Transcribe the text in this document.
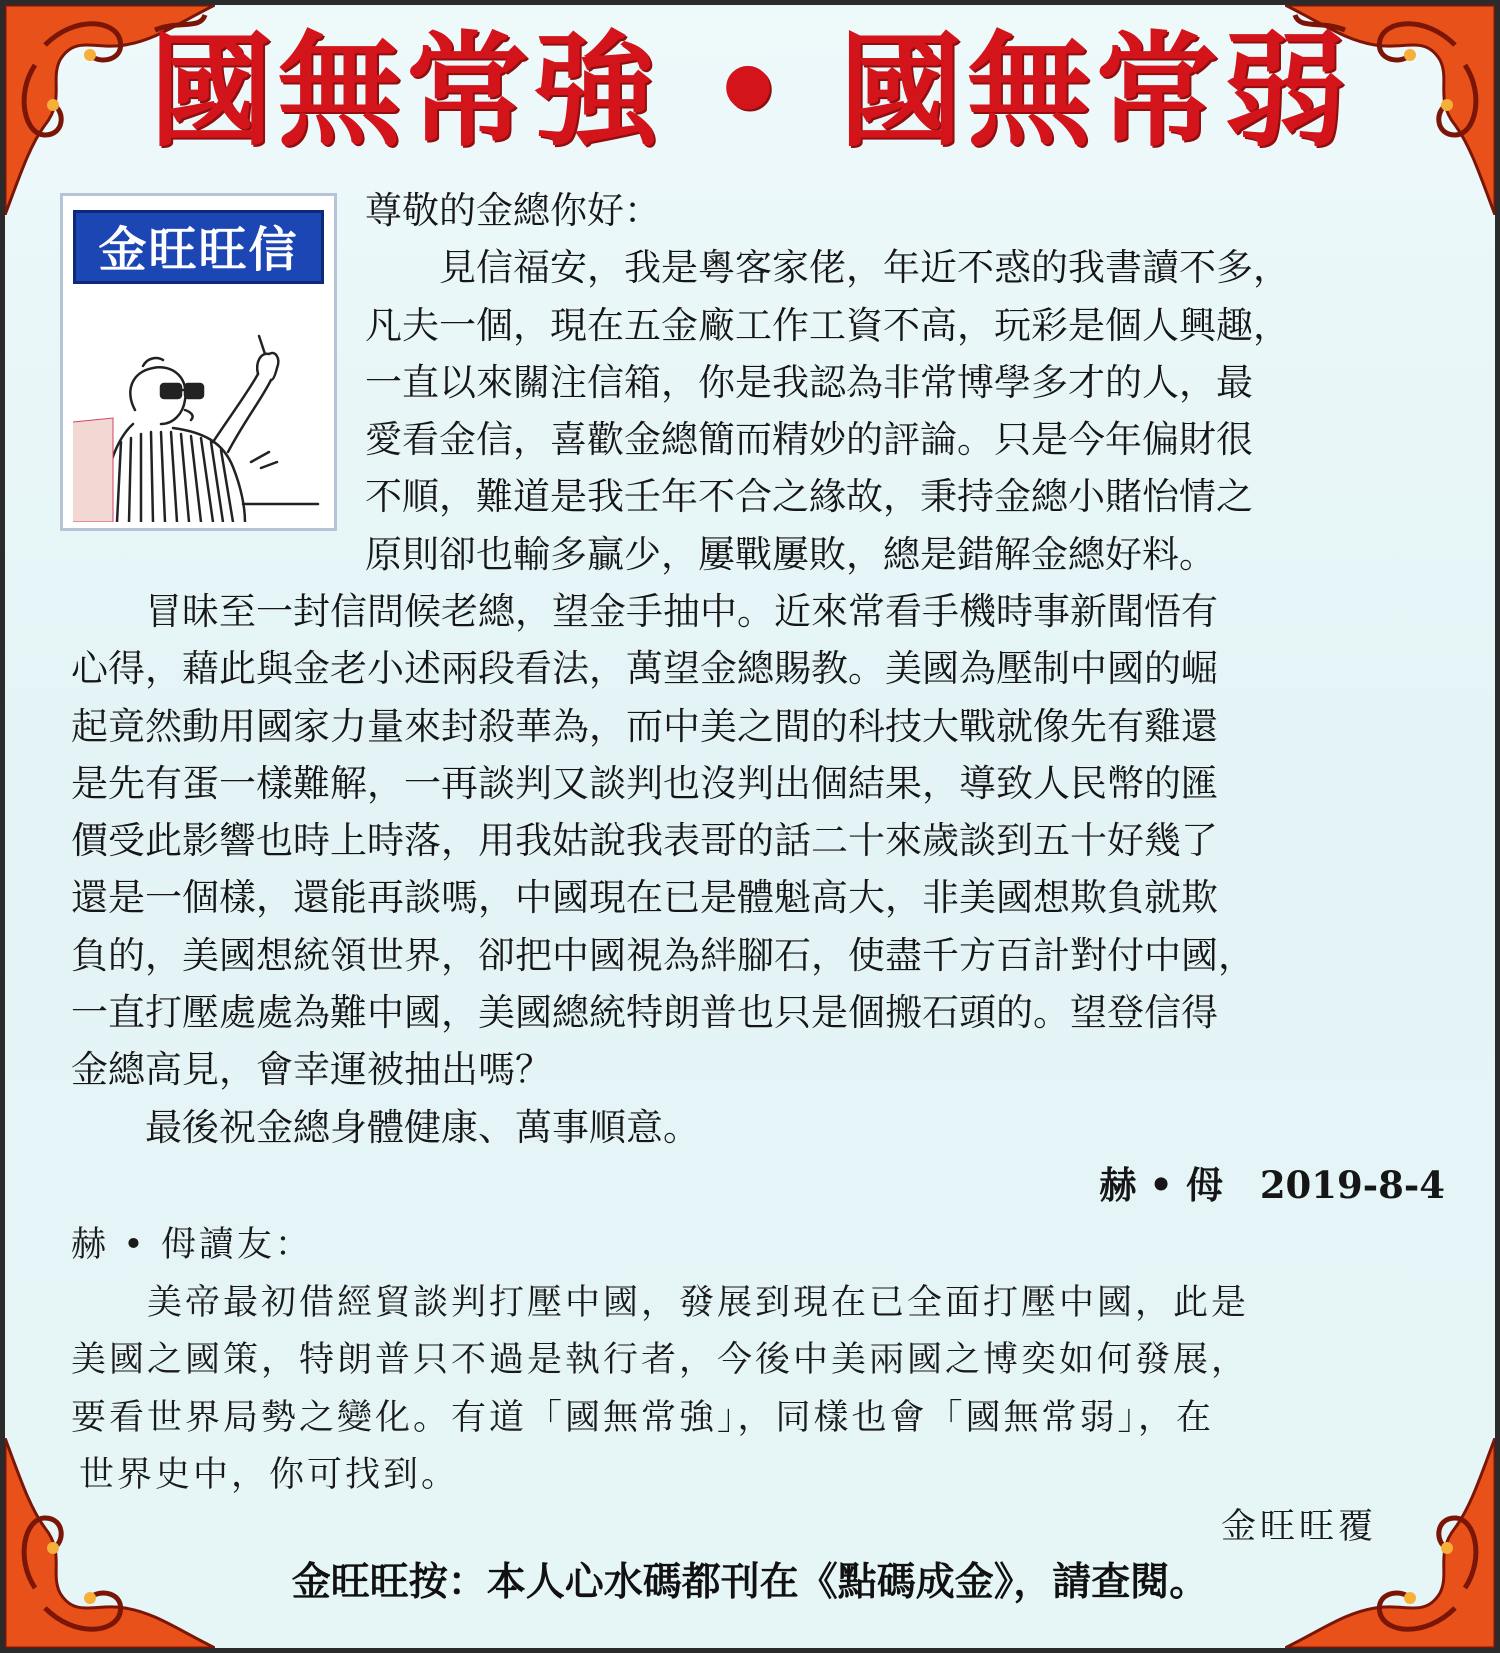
國無常強 • 國無常弱
金旺旺信箱

尊敬的金總你好：

　　見信福安，我是粵客家佬，年近不惑的我書讀不多，

凡夫一個，現在五金廠工作工資不高，玩彩是個人興趣，

一直以來關注信箱，你是我認為非常博學多才的人，最

愛看金信，喜歡金總簡而精妙的評論。只是今年偏財很

不順，難道是我壬年不合之緣故，秉持金總小賭怡情之

原則卻也輸多贏少，屢戰屢敗，總是錯解金總好料。

　　冒昧至一封信問候老總，望金手抽中。近來常看手機時事新聞悟有

心得，藉此與金老小述兩段看法，萬望金總賜教。美國為壓制中國的崛

起竟然動用國家力量來封殺華為，而中美之間的科技大戰就像先有雞還

是先有蛋一樣難解，一再談判又談判也沒判出個結果，導致人民幣的匯

價受此影響也時上時落，用我姑說我表哥的話二十來歲談到五十好幾了

還是一個樣，還能再談嗎，中國現在已是體魁高大，非美國想欺負就欺

負的，美國想統領世界，卻把中國視為絆腳石，使盡千方百計對付中國，

一直打壓處處為難中國，美國總統特朗普也只是個搬石頭的。望登信得

金總高見，會幸運被抽出嗎？

　　最後祝金總身體健康、萬事順意。

赫 • 㑄　2019-8-4

赫 • 㑄讀友：

　　美帝最初借經貿談判打壓中國，發展到現在已全面打壓中國，此是

美國之國策，特朗普只不過是執行者，今後中美兩國之博奕如何發展，

要看世界局勢之變化。有道「國無常強」，同樣也會「國無常弱」，在

世界史中，你可找到。

金旺旺覆
金旺旺按：本人心水碼都刊在《點碼成金》，請查閱。
